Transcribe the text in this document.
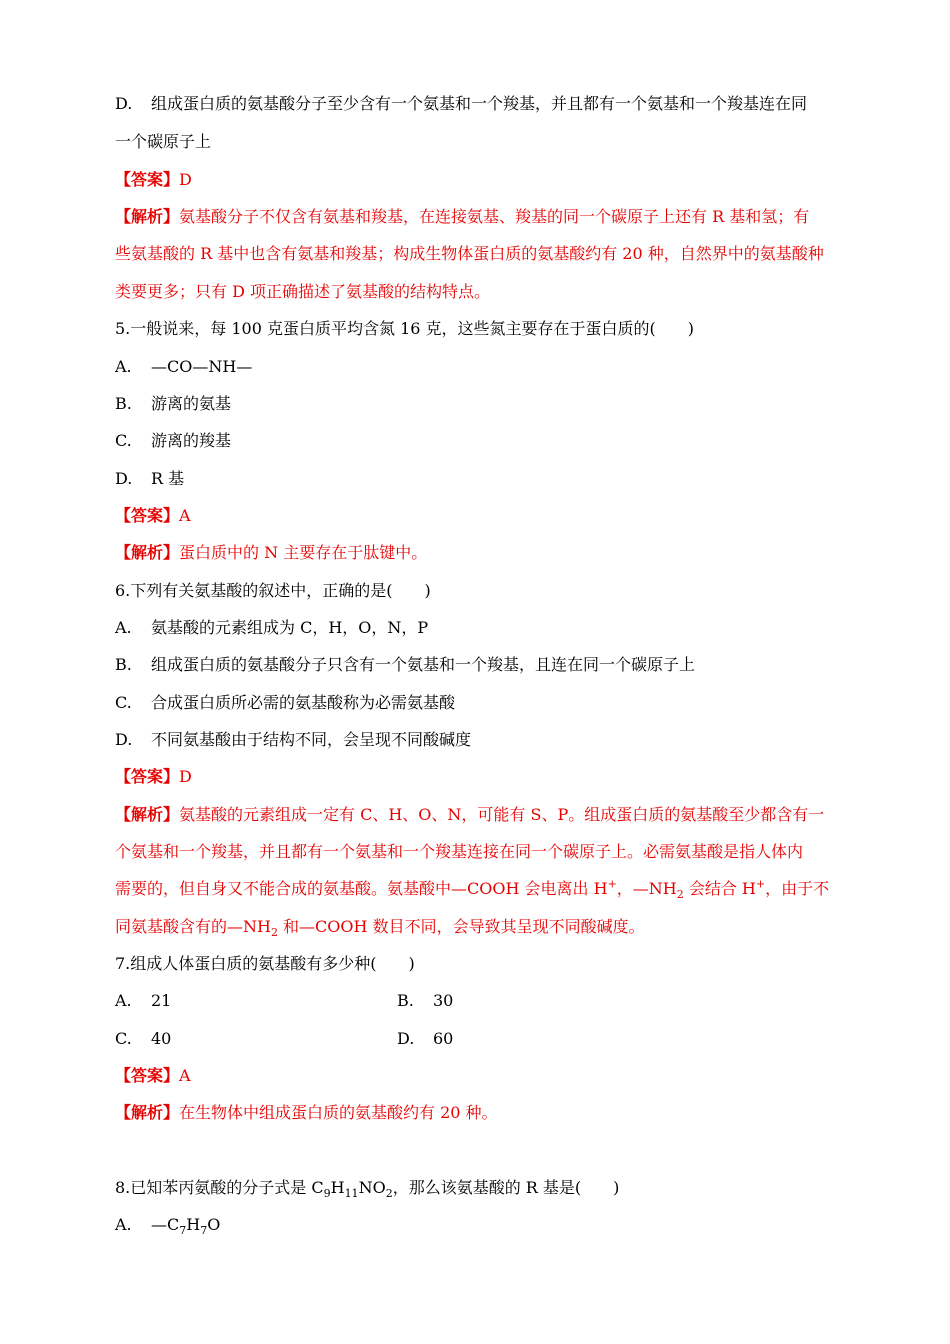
D. 组成蛋白质的氨基酸分子至少含有一个氨基和一个羧基，并且都有一个氨基和一个羧基连在同
一个碳原子上
【答案】D
【解析】氨基酸分子不仅含有氨基和羧基，在连接氨基、羧基的同一个碳原子上还有 R 基和氢；有
些氨基酸的 R 基中也含有氨基和羧基；构成生物体蛋白质的氨基酸约有 20 种，自然界中的氨基酸种
类要更多；只有 D 项正确描述了氨基酸的结构特点。
5.一般说来，每 100 克蛋白质平均含氮 16 克，这些氮主要存在于蛋白质的(　　)
A. —CO—NH—
B. 游离的氨基
C. 游离的羧基
D. R 基
【答案】A
【解析】蛋白质中的 N 主要存在于肽键中。
6.下列有关氨基酸的叙述中，正确的是(　　)
A. 氨基酸的元素组成为 C，H，O，N，P
B. 组成蛋白质的氨基酸分子只含有一个氨基和一个羧基，且连在同一个碳原子上
C. 合成蛋白质所必需的氨基酸称为必需氨基酸
D. 不同氨基酸由于结构不同，会呈现不同酸碱度
【答案】D
【解析】氨基酸的元素组成一定有 C、H、O、N，可能有 S、P。组成蛋白质的氨基酸至少都含有一
个氨基和一个羧基，并且都有一个氨基和一个羧基连接在同一个碳原子上。必需氨基酸是指人体内
需要的，但自身又不能合成的氨基酸。氨基酸中—COOH 会电离出 H+，$—NH_2$ 会结合 H+，由于不
同氨基酸含有的$—NH_2$ 和—COOH 数目不同，会导致其呈现不同酸碱度。
7.组成人体蛋白质的氨基酸有多少种(　　)
A. 21	B. 30
C. 40	D. 60
【答案】A
【解析】在生物体中组成蛋白质的氨基酸约有 20 种。
8.已知苯丙氨酸的分子式是 $C_9H_{11}NO_2$，那么该氨基酸的 R 基是(　　)
A. $—C_7H_7O$
